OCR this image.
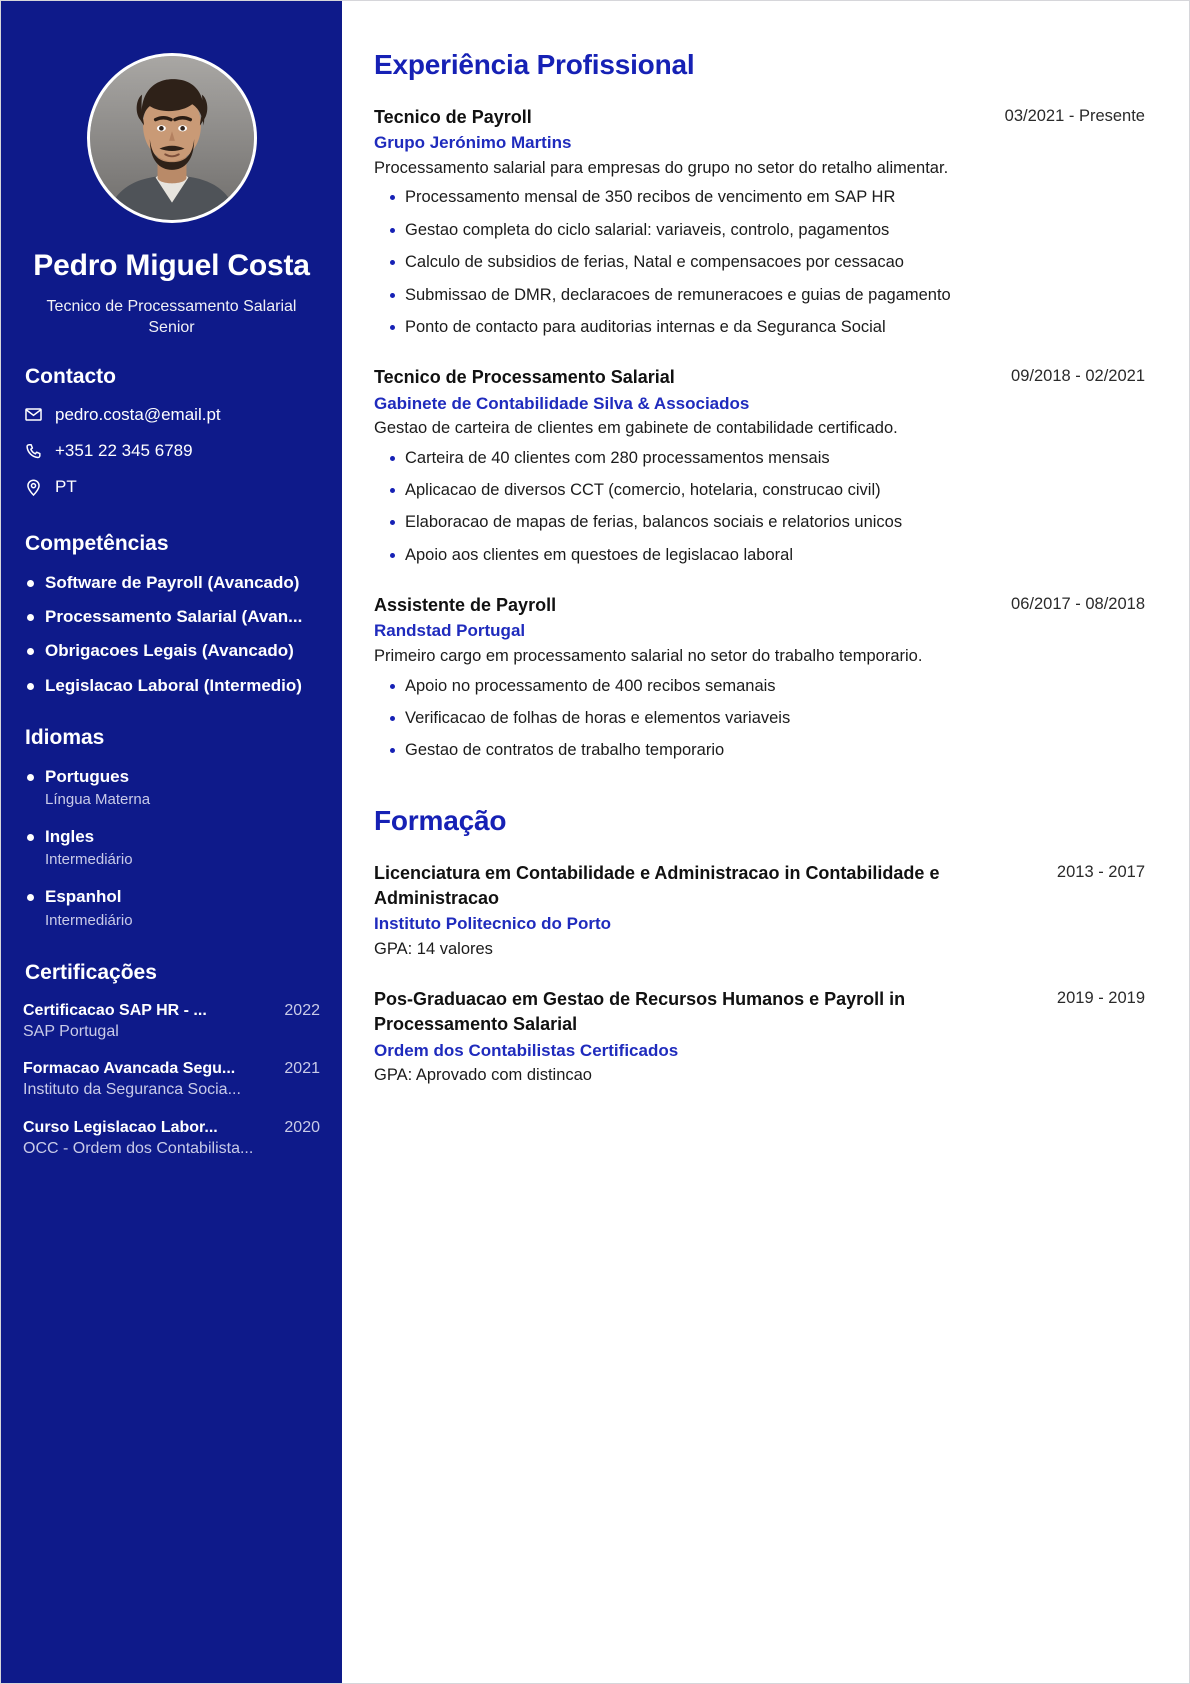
Pedro Miguel Costa

Tecnico de Processamento Salarial Senior

Contacto
pedro.costa@email.pt
+351 22 345 6789
PT
Competências
Software de Payroll (Avancado)
Processamento Salarial (Avan...
Obrigacoes Legais (Avancado)
Legislacao Laboral (Intermedio)
Idiomas
Portugues
Língua Materna
Ingles
Intermediário
Espanhol
Intermediário
Certificações
Certificacao SAP HR - ...	2022
SAP Portugal
Formacao Avancada Segu...	2021
Instituto da Seguranca Socia...
Curso Legislacao Labor...	2020
OCC - Ordem dos Contabilista...
Experiência Profissional
Tecnico de Payroll	03/2021 - Presente
Grupo Jerónimo Martins
Processamento salarial para empresas do grupo no setor do retalho alimentar.
Processamento mensal de 350 recibos de vencimento em SAP HR
Gestao completa do ciclo salarial: variaveis, controlo, pagamentos
Calculo de subsidios de ferias, Natal e compensacoes por cessacao
Submissao de DMR, declaracoes de remuneracoes e guias de pagamento
Ponto de contacto para auditorias internas e da Seguranca Social
Tecnico de Processamento Salarial	09/2018 - 02/2021
Gabinete de Contabilidade Silva & Associados
Gestao de carteira de clientes em gabinete de contabilidade certificado.
Carteira de 40 clientes com 280 processamentos mensais
Aplicacao de diversos CCT (comercio, hotelaria, construcao civil)
Elaboracao de mapas de ferias, balancos sociais e relatorios unicos
Apoio aos clientes em questoes de legislacao laboral
Assistente de Payroll	06/2017 - 08/2018
Randstad Portugal
Primeiro cargo em processamento salarial no setor do trabalho temporario.
Apoio no processamento de 400 recibos semanais
Verificacao de folhas de horas e elementos variaveis
Gestao de contratos de trabalho temporario
Formação
Licenciatura em Contabilidade e Administracao in Contabilidade e Administracao
2013 - 2017
Instituto Politecnico do Porto
GPA: 14 valores
Pos-Graduacao em Gestao de Recursos Humanos e Payroll in Processamento Salarial
2019 - 2019
Ordem dos Contabilistas Certificados
GPA: Aprovado com distincao
